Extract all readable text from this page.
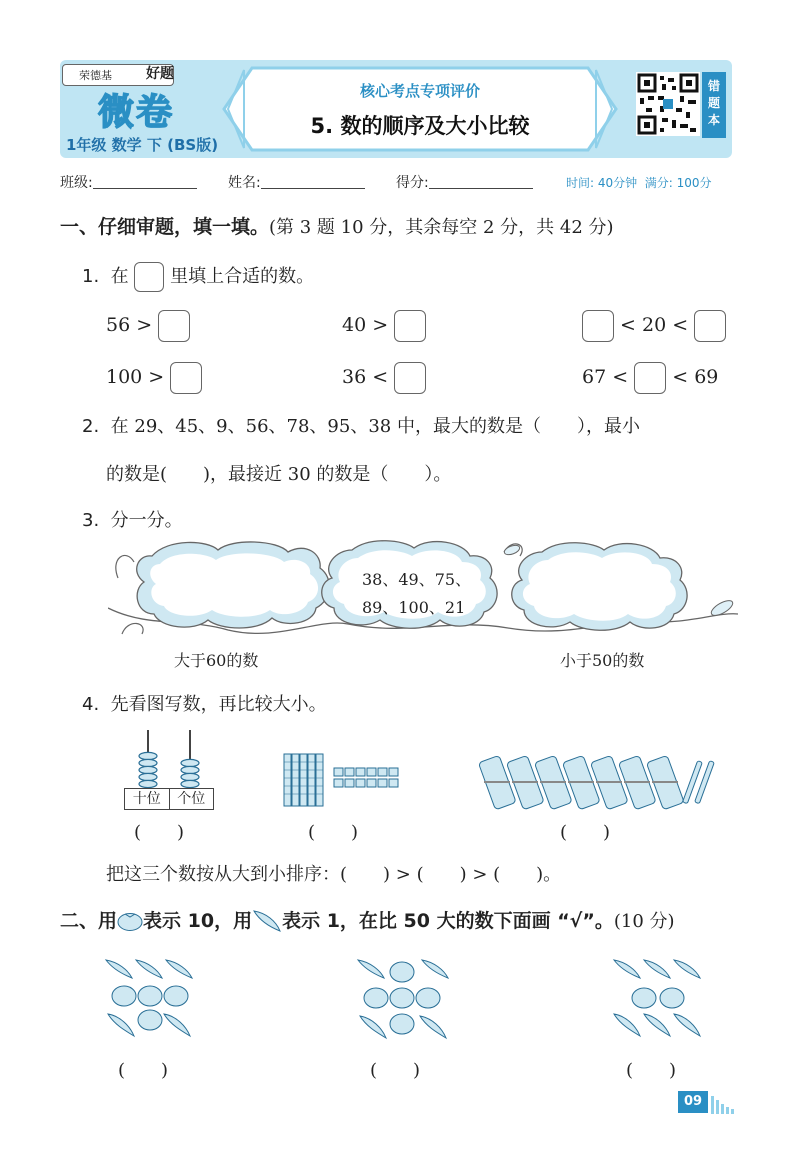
荣德基	好题
微卷
1年级 数学 下 (BS版)
核心考点专项评价
5. 数的顺序及大小比较
错题本
班级:	姓名:	得分:	时间: 40分钟 满分: 100分
一、仔细审题，填一填。(第 3 题 10 分，其余每空 2 分，共 42 分)
1. 在 里填上合适的数。
56 >	40 >	< 20 <
100 >	36 <	67 < < 69
2. 在 29、45、9、56、78、95、38 中，最大的数是（　　），最小
的数是(　　)，最接近 30 的数是（　　）。
3. 分一分。
38、49、75、
89、100、21
大于60的数	小于50的数
4. 先看图写数，再比较大小。
十位	个位
(　　)	(　　)	(　　)
把这三个数按从大到小排序：(　　) > (　　) > (　　)。
二、用 表示 10，用 表示 1，在比 50 大的数下面画 “√”。 (10 分)
(　　)	(　　)	(　　)
09
